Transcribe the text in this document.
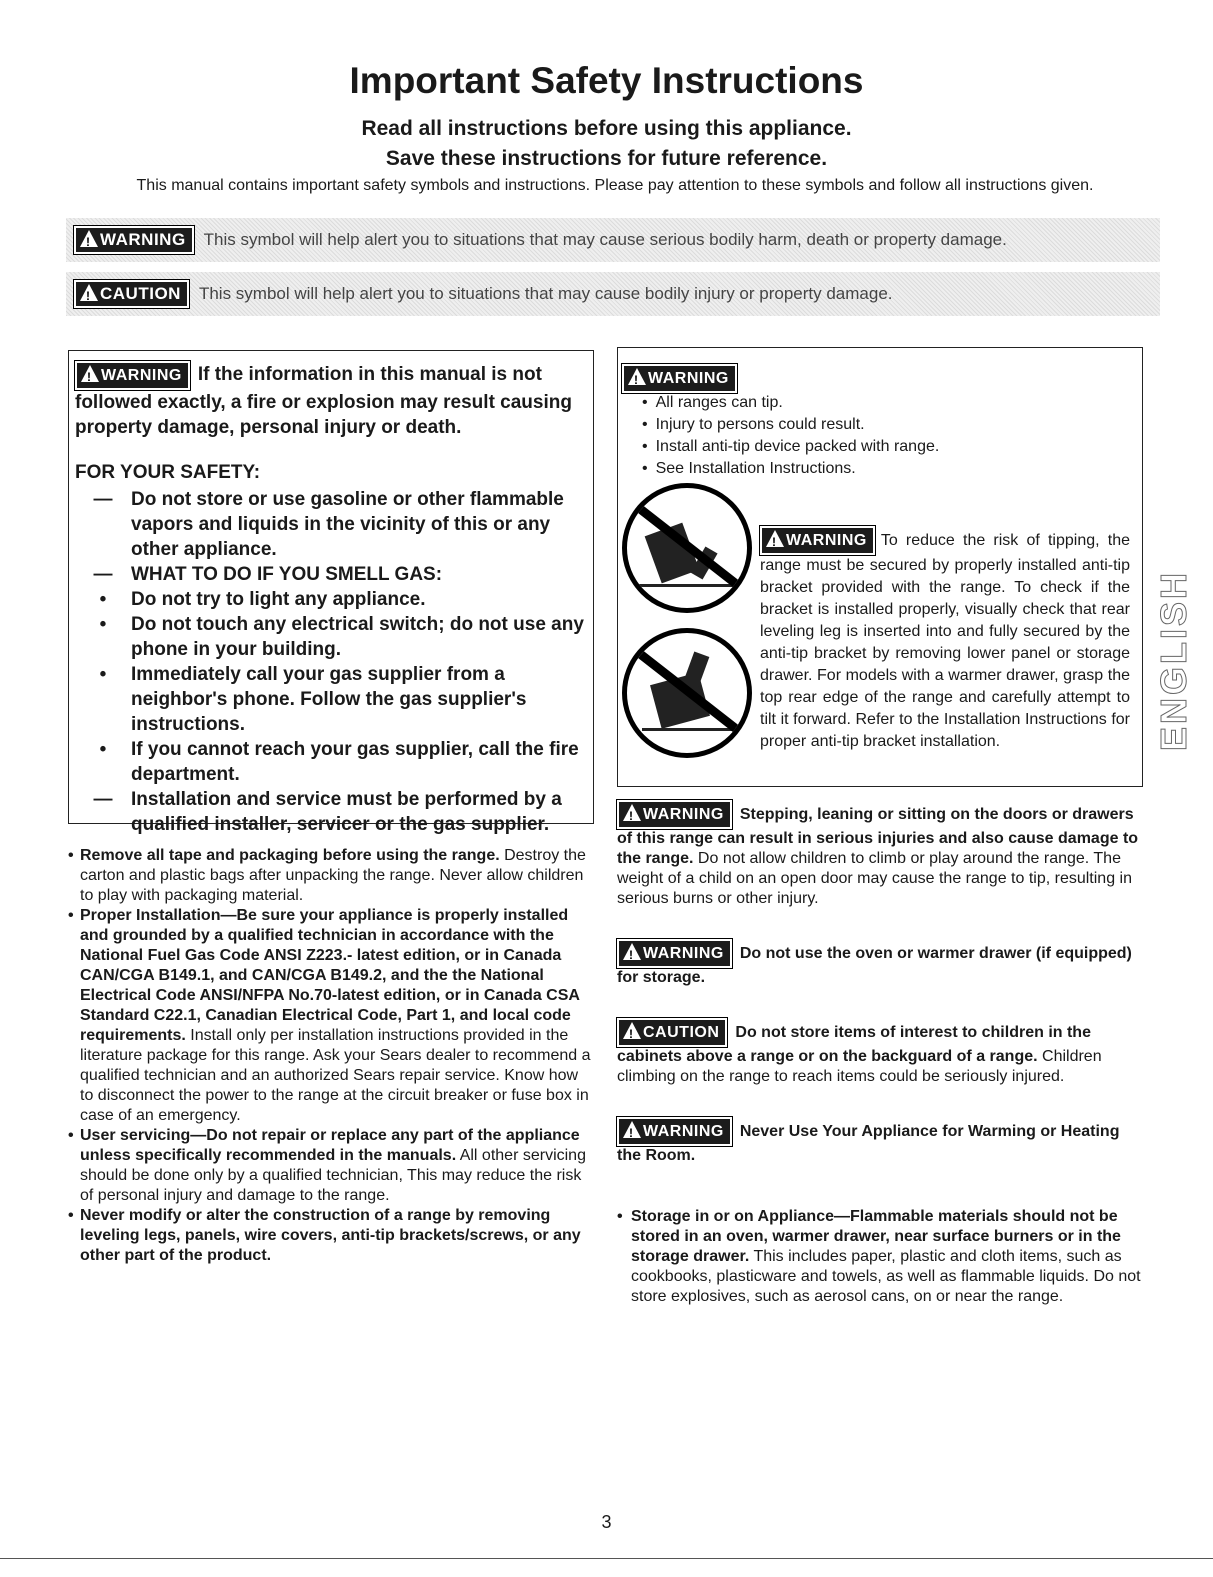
Important Safety Instructions
Read all instructions before using this appliance.
Save these instructions for future reference.
This manual contains important safety symbols and instructions. Please pay attention to these symbols and follow all instructions given.
!WARNING	This symbol will help alert you to situations that may cause serious bodily harm, death or property damage.
!CAUTION	This symbol will help alert you to situations that may cause bodily injury or property damage.

!WARNING If the information in this manual is not followed exactly, a fire or explosion may result causing property damage, personal injury or death.

FOR YOUR SAFETY:

— Do not store or use gasoline or other flammable vapors and liquids in the vicinity of this or any other appliance.
— WHAT TO DO IF YOU SMELL GAS:
•	Do not try to light any appliance.
•	Do not touch any electrical switch; do not use any phone in your building.
•	Immediately call your gas supplier from a neighbor's phone. Follow the gas supplier's instructions.
•	If you cannot reach your gas supplier, call the fire department.
— Installation and service must be performed by a qualified installer, servicer or the gas supplier.
• Remove all tape and packaging before using the range. Destroy the carton and plastic bags after unpacking the range. Never allow children to play with packaging material.
• Proper Installation—Be sure your appliance is properly installed and grounded by a qualified technician in accordance with the National Fuel Gas Code ANSI Z223.- latest edition, or in Canada CAN/CGA B149.1, and CAN/CGA B149.2, and the the National Electrical Code ANSI/NFPA No.70-latest edition, or in Canada CSA Standard C22.1, Canadian Electrical Code, Part 1, and local code requirements. Install only per installation instructions provided in the literature package for this range. Ask your Sears dealer to recommend a qualified technician and an authorized Sears repair service. Know how to disconnect the power to the range at the circuit breaker or fuse box in case of an emergency.
• User servicing—Do not repair or replace any part of the appliance unless specifically recommended in the manuals. All other servicing should be done only by a qualified technician, This may reduce the risk of personal injury and damage to the range.
• Never modify or alter the construction of a range by removing leveling legs, panels, wire covers, anti-tip brackets/screws, or any other part of the product.
!WARNING
• All ranges can tip.
• Injury to persons could result.
• Install anti-tip device packed with range.
• See Installation Instructions.
!WARNING To reduce the risk of tipping, the range must be secured by properly installed anti-tip bracket provided with the range. To check if the bracket is installed properly, visually check that rear leveling leg is inserted into and fully secured by the anti-tip bracket by removing lower panel or storage drawer. For models with a warmer drawer, grasp the top rear edge of the range and carefully attempt to tilt it forward. Refer to the Installation Instructions for proper anti-tip bracket installation.

!WARNING Stepping, leaning or sitting on the doors or drawers of this range can result in serious injuries and also cause damage to the range. Do not allow children to climb or play around the range. The weight of a child on an open door may cause the range to tip, resulting in serious burns or other injury.

!WARNING Do not use the oven or warmer drawer (if equipped) for storage.

!CAUTION Do not store items of interest to children in the cabinets above a range or on the backguard of a range. Children climbing on the range to reach items could be seriously injured.

!WARNING Never Use Your Appliance for Warming or Heating the Room.

• Storage in or on Appliance—Flammable materials should not be stored in an oven, warmer drawer, near surface burners or in the storage drawer. This includes paper, plastic and cloth items, such as cookbooks, plasticware and towels, as well as flammable liquids. Do not store explosives, such as aerosol cans, on or near the range.
ENGLISH
3
